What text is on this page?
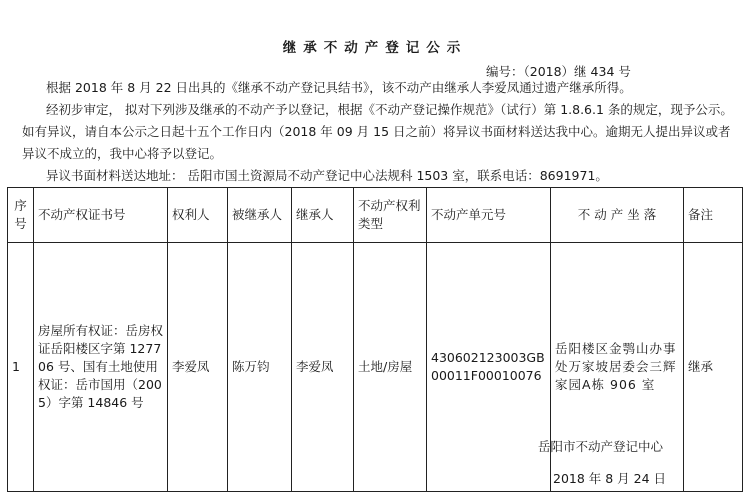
继承不动产登记公示
编号：（2018）继 434 号
根据 2018 年 8 月 22 日出具的《继承不动产登记具结书》，该不动产由继承人李爱凤通过遗产继承所得。
经初步审定， 拟对下列涉及继承的不动产予以登记，根据《不动产登记操作规范》（试行）第 1.8.6.1 条的规定，现予公示。如有异议，请自本公示之日起十五个工作日内（2018 年 09 月 15 日之前）将异议书面材料送达我中心。逾期无人提出异议或者异议不成立的，我中心将予以登记。
异议书面材料送达地址： 岳阳市国土资源局不动产登记中心法规科 1503 室，联系电话：8691971。
序号	不动产权证书号	权利人	被继承人	继承人	不动产权利类型	不动产单元号	不 动 产 坐 落	备注
1	房屋所有权证：岳房权证岳阳楼区字第 127706 号、国有土地使用权证：岳市国用（2005）字第 14846 号	李爱凤	陈万钧	李爱凤	土地/房屋	430602123003GB00011F00010076	岳阳楼区金鹗山办事处万家坡居委会三辉家园A栋 906 室	继承
岳阳市不动产登记中心
2018 年 8 月 24 日
